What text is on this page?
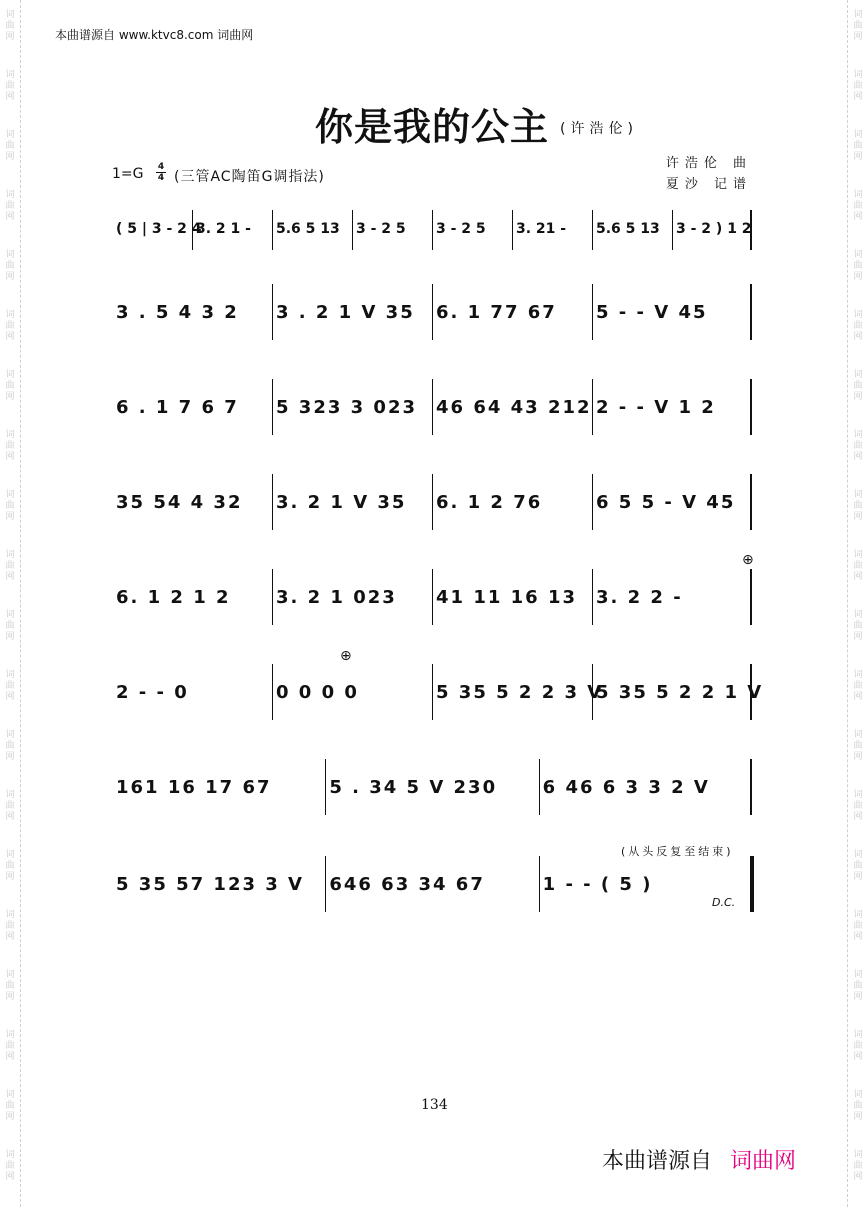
本曲谱源自 www.ktvc8.com 词曲网
你是我的公主 (许浩伦)
1=G 4
4 (三管AC陶笛G调指法)
许浩伦 曲
夏沙 记谱
( 5 | 3 - 2 4
3. 2 1 -	5.6 5 13	3 - 2 5	3 - 2 5	3. 21 -	5.6 5 13	3 - 2 ) 1 2
3 . 5 4 3 2	3 . 2 1 V 35	6. 1 77 67	5 - - V 45
6 . 1 7 6 7	5 323 3 023	46 64 43 212 2 - - V 1 2
35 54 4 32	3. 2 1 V 35	6. 1 2 76	6 5 5 - V 45
6. 1 2 1 2	3. 2 1 023	41 11 16 13	3. 2 2 -
2 - - 0	0 0 0 0	5 35 5 2 2 3 V
5 35 5 2 2 1 V
161 16 17 67	5 . 34 5 V 230	6 46 6 3 3 2 V
5 35 57 123 3 V	646 63 34 67	1 - - ( 5 )
(从头反复至结束)
D.C.
⊕
⊕
134
本曲谱源自 词曲网
词
曲
网
词
曲
网
词
曲
网
词
曲
网
词
曲
网
词
曲
网
词
曲
网
词
曲
网
词
曲
网
词
曲
网
词
曲
网
词
曲
网
词
曲
网
词
曲
网
词
曲
网
词
曲
网
词
曲
网
词
曲
网
词
曲
网
词
曲
网
词
曲
网
词
曲
网
词
曲
网
词
曲
网
词
曲
网
词
曲
网
词
曲
网
词
曲
网
词
曲
网
词
曲
网
词
曲
网
词
曲
网
词
曲
网
词
曲
网
词
曲
网
词
曲
网
词
曲
网
词
曲
网
词
曲
网
词
曲
网
